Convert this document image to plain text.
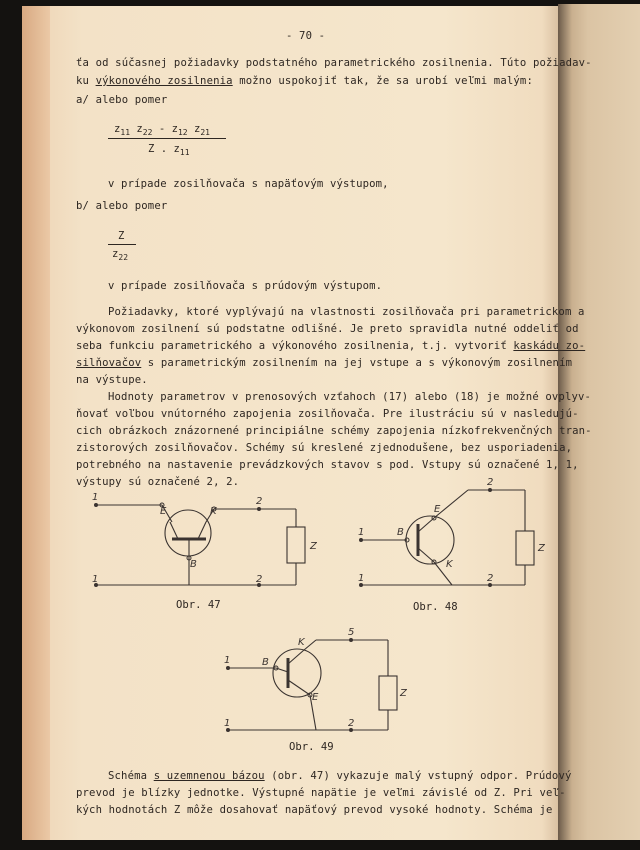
- 70 -
ťa od súčasnej požiadavky podstatného parametrického zosilnenia. Túto požiadav-
ku výkonového zosilnenia možno uspokojiť tak, že sa urobí veľmi malým:
a/ alebo pomer
$z_{11}$ $z_{22} - z_{12}$ $z_{21}$
Z . $z_{11}$
v prípade zosilňovača s napäťovým výstupom,
b/ alebo pomer
Z
$z_{22}$
v prípade zosilňovača s prúdovým výstupom.
Požiadavky, ktoré vyplývajú na vlastnosti zosilňovača pri parametrickom a
výkonovom zosilnení sú podstatne odlišné. Je preto spravidla nutné oddeliť od
seba funkciu parametrického a výkonového zosilnenia, t.j. vytvoriť kaskádu zo-
silňovačov s parametrickým zosilnením na jej vstupe a s výkonovým zosilnením
na výstupe.
Hodnoty parametrov v prenosových vzťahoch (17) alebo (18) je možné ovplyv-
ňovať voľbou vnútorného zapojenia zosilňovača. Pre ilustráciu sú v nasledujú-
cich obrázkoch znázornené principiálne schémy zapojenia nízkofrekvenčných tran-
zistorových zosilňovačov. Schémy sú kreslené zjednodušene, bez usporiadenia,
potrebného na nastavenie prevádzkových stavov s pod. Vstupy sú označené 1, 1,
výstupy sú označené 2, 2.
1
1
2
2
E	K
B
Z
1
1
2
2
E
K
B
Z
1
1
5
2
E
K
B
Z
Obr. 47	Obr. 48
Obr. 49
Schéma s uzemnenou bázou (obr. 47) vykazuje malý vstupný odpor. Prúdový
prevod je blízky jednotke. Výstupné napätie je veľmi závislé od Z. Pri veľ-
kých hodnotách Z môže dosahovať napäťový prevod vysoké hodnoty. Schéma je
